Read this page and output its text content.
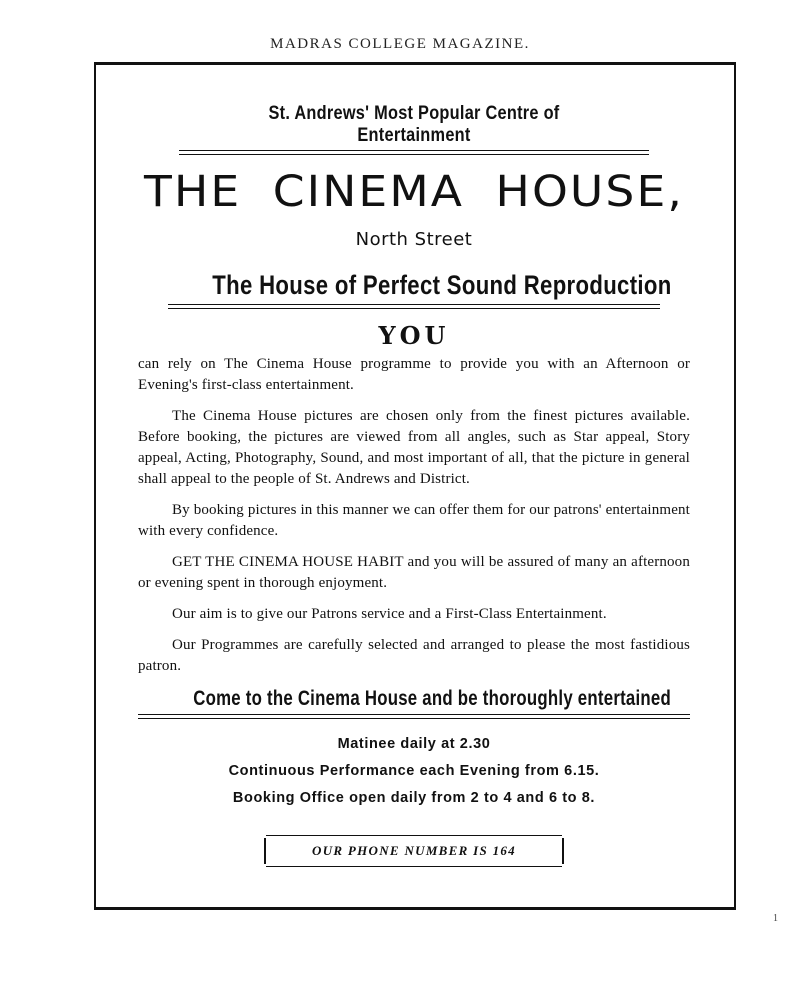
MADRAS COLLEGE MAGAZINE.
St. Andrews' Most Popular Centre of Entertainment
THE CINEMA HOUSE,
North Street
The House of Perfect Sound Reproduction
YOU

can rely on The Cinema House programme to provide you with an Afternoon or Evening's first-class entertainment.

The Cinema House pictures are chosen only from the finest pictures available. Before booking, the pictures are viewed from all angles, such as Star appeal, Story appeal, Acting, Photography, Sound, and most important of all, that the picture in general shall appeal to the people of St. Andrews and District.

By booking pictures in this manner we can offer them for our patrons' entertainment with every confidence.

GET THE CINEMA HOUSE HABIT and you will be assured of many an afternoon or evening spent in thorough enjoyment.

Our aim is to give our Patrons service and a First-Class Entertainment.

Our Programmes are carefully selected and arranged to please the most fastidious patron.

Come to the Cinema House and be thoroughly entertained
Matinee daily at 2.30
Continuous Performance each Evening from 6.15.
Booking Office open daily from 2 to 4 and 6 to 8.
OUR PHONE NUMBER IS 164
1
